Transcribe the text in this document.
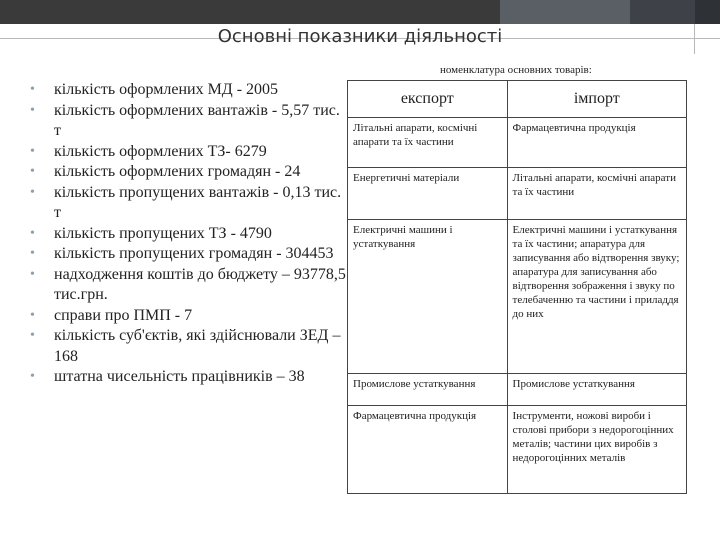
Основні показники діяльності
• кількість оформлених МД - 2005
• кількість оформлених вантажів - 5,57 тис. т
• кількість оформлених ТЗ- 6279
• кількість оформлених громадян - 24
• кількість пропущених вантажів - 0,13 тис. т
• кількість пропущених ТЗ - 4790
• кількість пропущених громадян - 304453
• надходження коштів до бюджету – 93778,5 тис.грн.
• справи про ПМП - 7
• кількість суб'єктів, які здійснювали ЗЕД – 168
• штатна чисельність працівників – 38
номенклатура основних товарів:
експорт	імпорт
Літальні апарати, космічні апарати та їх частини	Фармацевтична продукція
Енергетичні матеріали	Літальні апарати, космічні апарати та їх частини
Електричні машини і устаткування	Електричні машини і устаткування та їх частини; апаратура для записування або відтворення звуку; апаратура для записування або відтворення зображення і звуку по телебаченню та частини і приладдя до них
Промислове устаткування	Промислове устаткування
Фармацевтична продукція	Інструменти, ножові вироби і столові прибори з недорогоцінних металів; частини цих виробів з недорогоцінних металів
